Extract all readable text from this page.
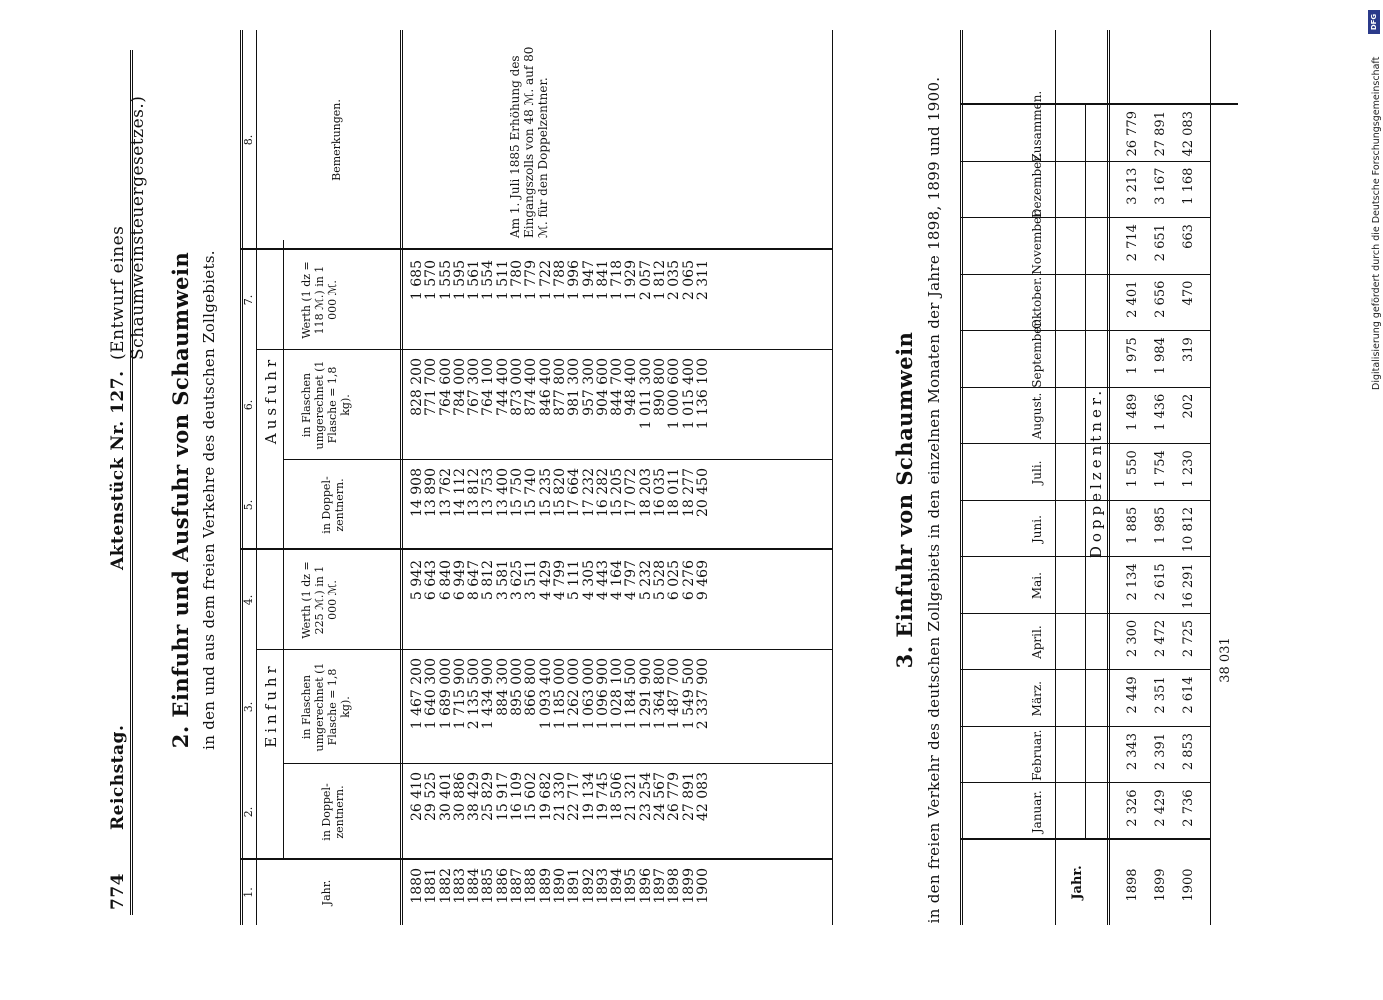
774
Reichstag.
Aktenstück Nr. 127.
(Entwurf eines Schaumweinsteuergesetzes.)
2. Einfuhr und Ausfuhr von Schaumwein in den und aus dem freien Verkehre des deutschen Zollgebiets.
1.
2.
3.
4.
5.
6.
7.
8.
Einfuhr
Ausfuhr
Jahr.
in Doppel- zentnern.
in Flaschen umgerechnet (1 Flasche = 1,8 kg).
Werth (1 dz = 225 ℳ.) in 1 000 ℳ.
in Doppel- zentnern.
in Flaschen umgerechnet (1 Flasche = 1,8 kg).
Werth (1 dz = 118 ℳ.) in 1 000 ℳ.
Bemerkungen.
1880
1881
1882
1883
1884
1885
1886
1887
1888
1889
1890
1891
1892
1893
1894
1895
1896
1897
1898
1899
1900
26 410
29 525
30 401
30 886
38 429
25 829
15 917
16 109
15 602
19 682
21 330
22 717
19 134
19 745
18 506
21 321
23 254
24 567
26 779
27 891
42 083
1 467 200
1 640 300
1 689 000
1 715 900
2 135 500
1 434 900
884 300
895 000
866 800
1 093 400
1 185 000
1 262 000
1 063 000
1 096 900
1 028 100
1 184 500
1 291 900
1 364 800
1 487 700
1 549 500
2 337 900
5 942
6 643
6 840
6 949
8 647
5 812
3 581
3 625
3 511
4 429
4 799
5 111
4 305
4 443
4 164
4 797
5 232
5 528
6 025
6 276
9 469
14 908
13 890
13 762
14 112
13 812
13 753
13 400
15 750
15 740
15 235
15 820
17 664
17 232
16 282
15 205
17 072
18 203
16 035
18 011
18 277
20 450
828 200
771 700
764 600
784 000
767 300
764 100
744 400
873 000
874 400
846 400
877 800
981 300
957 300
904 600
844 700
948 400
1 011 300
890 800
1 000 600
1 015 400
1 136 100
1 685
1 570
1 555
1 595
1 561
1 554
1 511
1 780
1 779
1 722
1 788
1 996
1 947
1 841
1 718
1 929
2 057
1 812
2 035
2 065
2 311
Am 1. Juli 1885 Erhöhung des Eingangszolls von 48 ℳ. auf 80 ℳ. für den Doppelzentner.
3. Einfuhr von Schaumwein in den freien Verkehr des deutschen Zollgebiets in den einzelnen Monaten der Jahre 1898, 1899 und 1900.	Jahr.
Doppelzentner.
Januar.
Februar.
März.
April.
Mai.
Juni.
Juli.
August.
September.
Oktober.
November.
Dezember.
Zusammen.
1898
2 326
2 343
2 449
2 300
2 134
1 885
1 550
1 489
1 975
2 401
2 714
3 213
26 779
1899
2 429
2 391
2 351
2 472
2 615
1 985
1 754
1 436
1 984
2 656
2 651
3 167
27 891
1900
2 736
2 853
2 614
2 725
16 291
10 812
1 230
202
319
470
663
1 168
42 083
38 031
DFG
Digitalisierung gefördert durch die Deutsche Forschungsgemeinschaft
